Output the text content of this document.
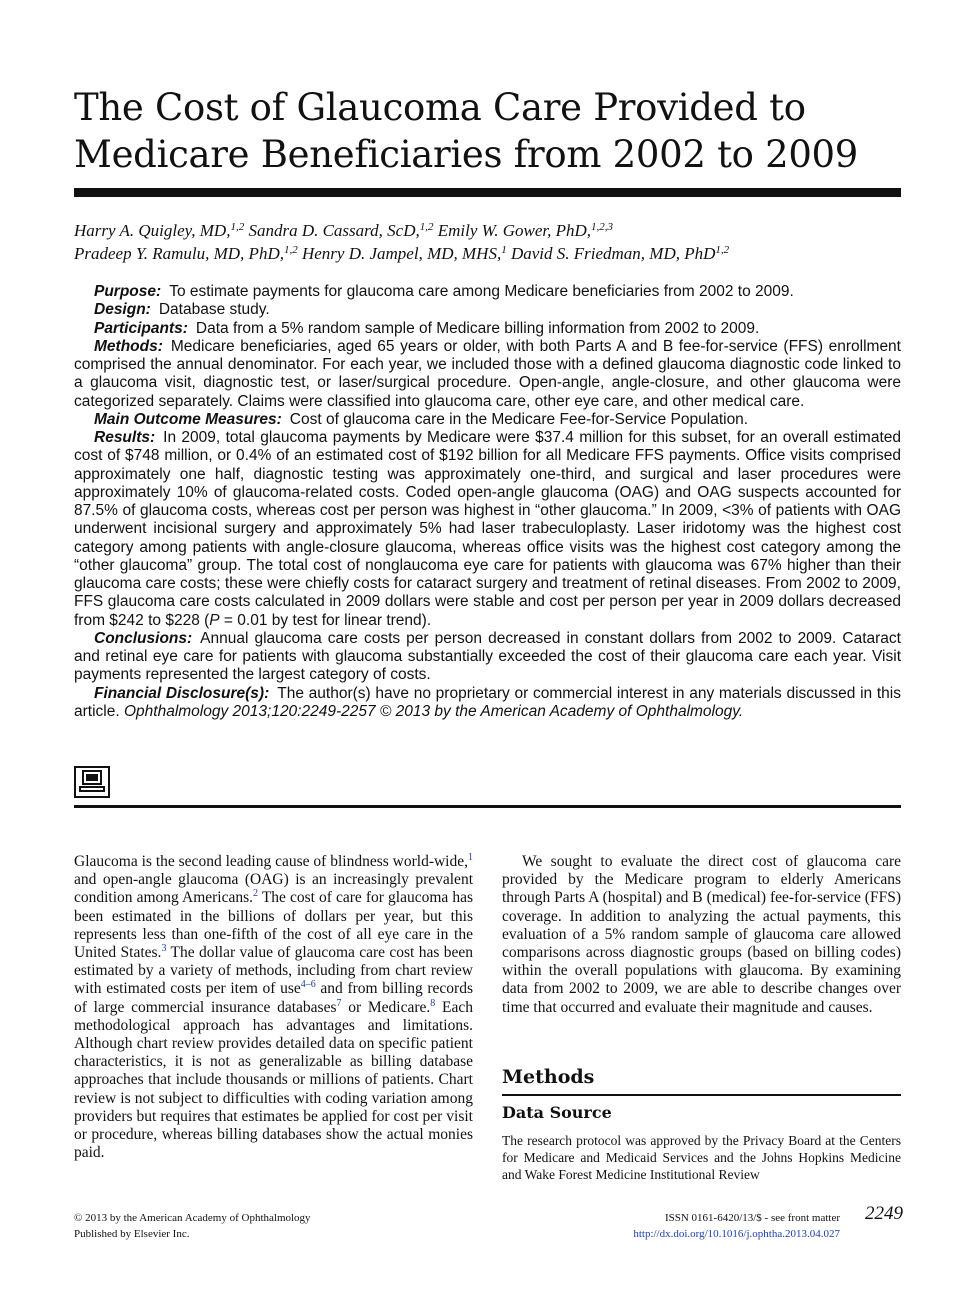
The Cost of Glaucoma Care Provided to
Medicare Beneficiaries from 2002 to 2009
Harry A. Quigley, MD,$^{1,2}$ Sandra D. Cassard, ScD,$^{1,2}$ Emily W. Gower, PhD,$^{1,2,3}$
Pradeep Y. Ramulu, MD, PhD,$^{1,2}$ Henry D. Jampel, MD, MHS,$^1$ David S. Friedman, MD, PhD$^{1,2}$

Purpose: To estimate payments for glaucoma care among Medicare beneficiaries from 2002 to 2009.

Design: Database study.

Participants: Data from a 5% random sample of Medicare billing information from 2002 to 2009.

Methods: Medicare beneficiaries, aged 65 years or older, with both Parts A and B fee-for-service (FFS) enrollment comprised the annual denominator. For each year, we included those with a defined glaucoma diagnostic code linked to a glaucoma visit, diagnostic test, or laser/surgical procedure. Open-angle, angle-closure, and other glaucoma were categorized separately. Claims were classified into glaucoma care, other eye care, and other medical care.

Main Outcome Measures: Cost of glaucoma care in the Medicare Fee-for-Service Population.

Results: In 2009, total glaucoma payments by Medicare were $37.4 million for this subset, for an overall estimated cost of $748 million, or 0.4% of an estimated cost of $192 billion for all Medicare FFS payments. Office visits comprised approximately one half, diagnostic testing was approximately one-third, and surgical and laser procedures were approximately 10% of glaucoma-related costs. Coded open-angle glaucoma (OAG) and OAG suspects accounted for 87.5% of glaucoma costs, whereas cost per person was highest in “other glaucoma.” In 2009, <3% of patients with OAG underwent incisional surgery and approximately 5% had laser trabeculoplasty. Laser iridotomy was the highest cost category among patients with angle-closure glaucoma, whereas office visits was the highest cost category among the “other glaucoma” group. The total cost of nonglaucoma eye care for patients with glaucoma was 67% higher than their glaucoma care costs; these were chiefly costs for cataract surgery and treatment of retinal diseases. From 2002 to 2009, FFS glaucoma care costs calculated in 2009 dollars were stable and cost per person per year in 2009 dollars decreased from $242 to $228 (P = 0.01 by test for linear trend).

Conclusions: Annual glaucoma care costs per person decreased in constant dollars from 2002 to 2009. Cataract and retinal eye care for patients with glaucoma substantially exceeded the cost of their glaucoma care each year. Visit payments represented the largest category of costs.

Financial Disclosure(s): The author(s) have no proprietary or commercial interest in any materials discussed in this article. Ophthalmology 2013;120:2249-2257 © 2013 by the American Academy of Ophthalmology.

Glaucoma is the second leading cause of blindness world-wide,$^1$ and open-angle glaucoma (OAG) is an increasingly prevalent condition among Americans.$^2$ The cost of care for glaucoma has been estimated in the billions of dollars per year, but this represents less than one-fifth of the cost of all eye care in the United States.$^3$ The dollar value of glaucoma care cost has been estimated by a variety of methods, including from chart review with estimated costs per item of use$^{4-6}$ and from billing records of large commercial insurance databases$^7$ or Medicare.$^8$ Each methodological approach has advantages and limitations. Although chart review provides detailed data on specific patient characteristics, it is not as generalizable as billing database approaches that include thousands or millions of patients. Chart review is not subject to difficulties with coding variation among providers but requires that estimates be applied for cost per visit or procedure, whereas billing databases show the actual monies paid.

We sought to evaluate the direct cost of glaucoma care provided by the Medicare program to elderly Americans through Parts A (hospital) and B (medical) fee-for-service (FFS) coverage. In addition to analyzing the actual payments, this evaluation of a 5% random sample of glaucoma care allowed comparisons across diagnostic groups (based on billing codes) within the overall populations with glaucoma. By examining data from 2002 to 2009, we are able to describe changes over time that occurred and evaluate their magnitude and causes.

Methods
Data Source

The research protocol was approved by the Privacy Board at the Centers for Medicare and Medicaid Services and the Johns Hopkins Medicine and Wake Forest Medicine Institutional Review

© 2013 by the American Academy of Ophthalmology
Published by Elsevier Inc.
ISSN 0161-6420/13/$ - see front matter
http://dx.doi.org/10.1016/j.ophtha.2013.04.027
2249
